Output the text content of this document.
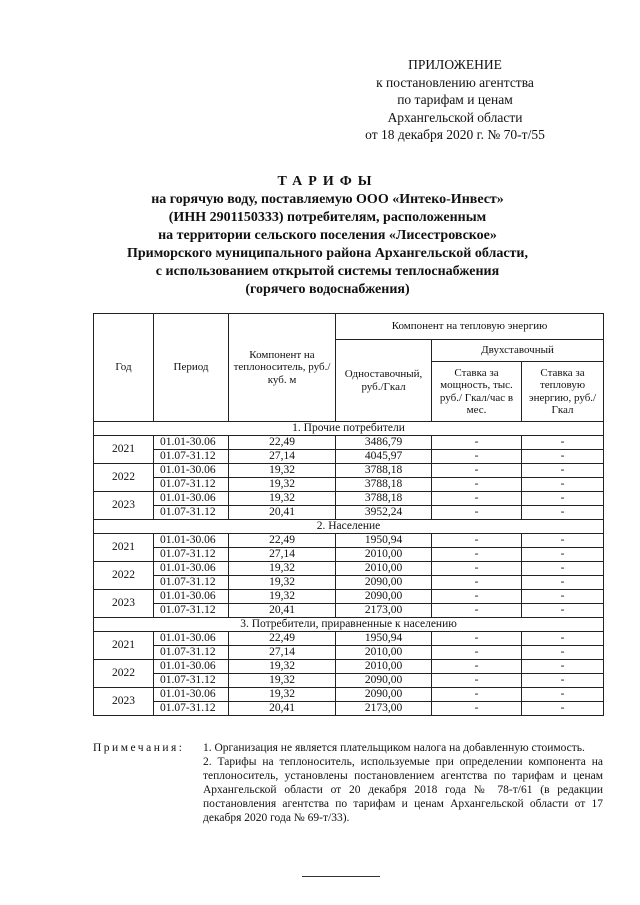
ПРИЛОЖЕНИЕ
к постановлению агентства
по тарифам и ценам
Архангельской области
от 18 декабря 2020 г. № 70-т/55
ТАРИФЫ
на горячую воду, поставляемую ООО «Интеко-Инвест»
(ИНН 2901150333) потребителям, расположенным
на территории сельского поселения «Лисестровское»
Приморского муниципального района Архангельской области,
с использованием открытой системы теплоснабжения
(горячего водоснабжения)
Год	Период	Компонент на теплоноситель, руб./куб. м	Компонент на тепловую энергию		
			Одноставочный, руб./Гкал	Двухставочный	
				Ставка за мощность, тыс. руб./ Гкал/час в мес.	Ставка за тепловую энергию, руб./Гкал
1. Прочие потребители					
2021	01.01-30.06	22,49	3486,79	-	-
	01.07-31.12	27,14	4045,97	-	-
2022	01.01-30.06	19,32	3788,18	-	-
	01.07-31.12	19,32	3788,18	-	-
2023	01.01-30.06	19,32	3788,18	-	-
	01.07-31.12	20,41	3952,24	-	-
2. Население					
2021	01.01-30.06	22,49	1950,94	-	-
	01.07-31.12	27,14	2010,00	-	-
2022	01.01-30.06	19,32	2010,00	-	-
	01.07-31.12	19,32	2090,00	-	-
2023	01.01-30.06	19,32	2090,00	-	-
	01.07-31.12	20,41	2173,00	-	-
3. Потребители, приравненные к населению					
2021	01.01-30.06	22,49	1950,94	-	-
	01.07-31.12	27,14	2010,00	-	-
2022	01.01-30.06	19,32	2010,00	-	-
	01.07-31.12	19,32	2090,00	-	-
2023	01.01-30.06	19,32	2090,00	-	-
	01.07-31.12	20,41	2173,00	-	-
Примечания: 1. Организация не является плательщиком налога на добавленную стоимость.
2. Тарифы на теплоноситель, используемые при определении компонента на теплоноситель, установлены постановлением агентства по тарифам и ценам Архангельской области от 20 декабря 2018 года № 78-т/61 (в редакции постановления агентства по тарифам и ценам Архангельской области от 17 декабря 2020 года № 69-т/33).
